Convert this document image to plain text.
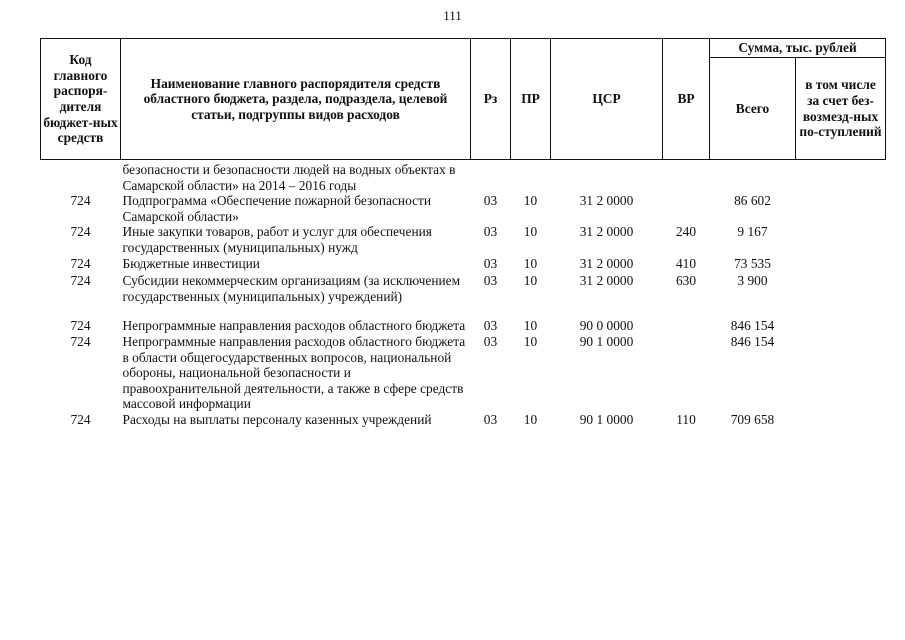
111
Код главного распоря-дителя бюджет-ных средств	Наименование главного распорядителя средств областного бюджета, раздела, подраздела, целевой статьи, подгруппы видов расходов	Рз	ПР	ЦСР	ВР	Сумма, тыс. рублей	
						Всего	в том числе за счет без-возмезд-ных по-ступлений
	безопасности и безопасности людей на водных объектах в Самарской области» на 2014 – 2016 годы						
724	Подпрограмма «Обеспечение пожарной безопасности Самарской области»	03	10	31 2 0000		86 602	
724	Иные закупки товаров, работ и услуг для обеспечения государственных (муниципальных) нужд	03	10	31 2 0000	240	9 167	
724	Бюджетные инвестиции	03	10	31 2 0000	410	73 535	
724	Субсидии некоммерческим организациям (за исключением государственных (муниципальных) учреждений)	03	10	31 2 0000	630	3 900	
724	Непрограммные направления расходов областного бюджета	03	10	90 0 0000		846 154	
724	Непрограммные направления расходов областного бюджета в области общегосударственных вопросов, национальной обороны, национальной безопасности и правоохранительной деятельности, а также в сфере средств массовой информации	03	10	90 1 0000		846 154	
724	Расходы на выплаты персоналу казенных учреждений	03	10	90 1 0000	110	709 658	
